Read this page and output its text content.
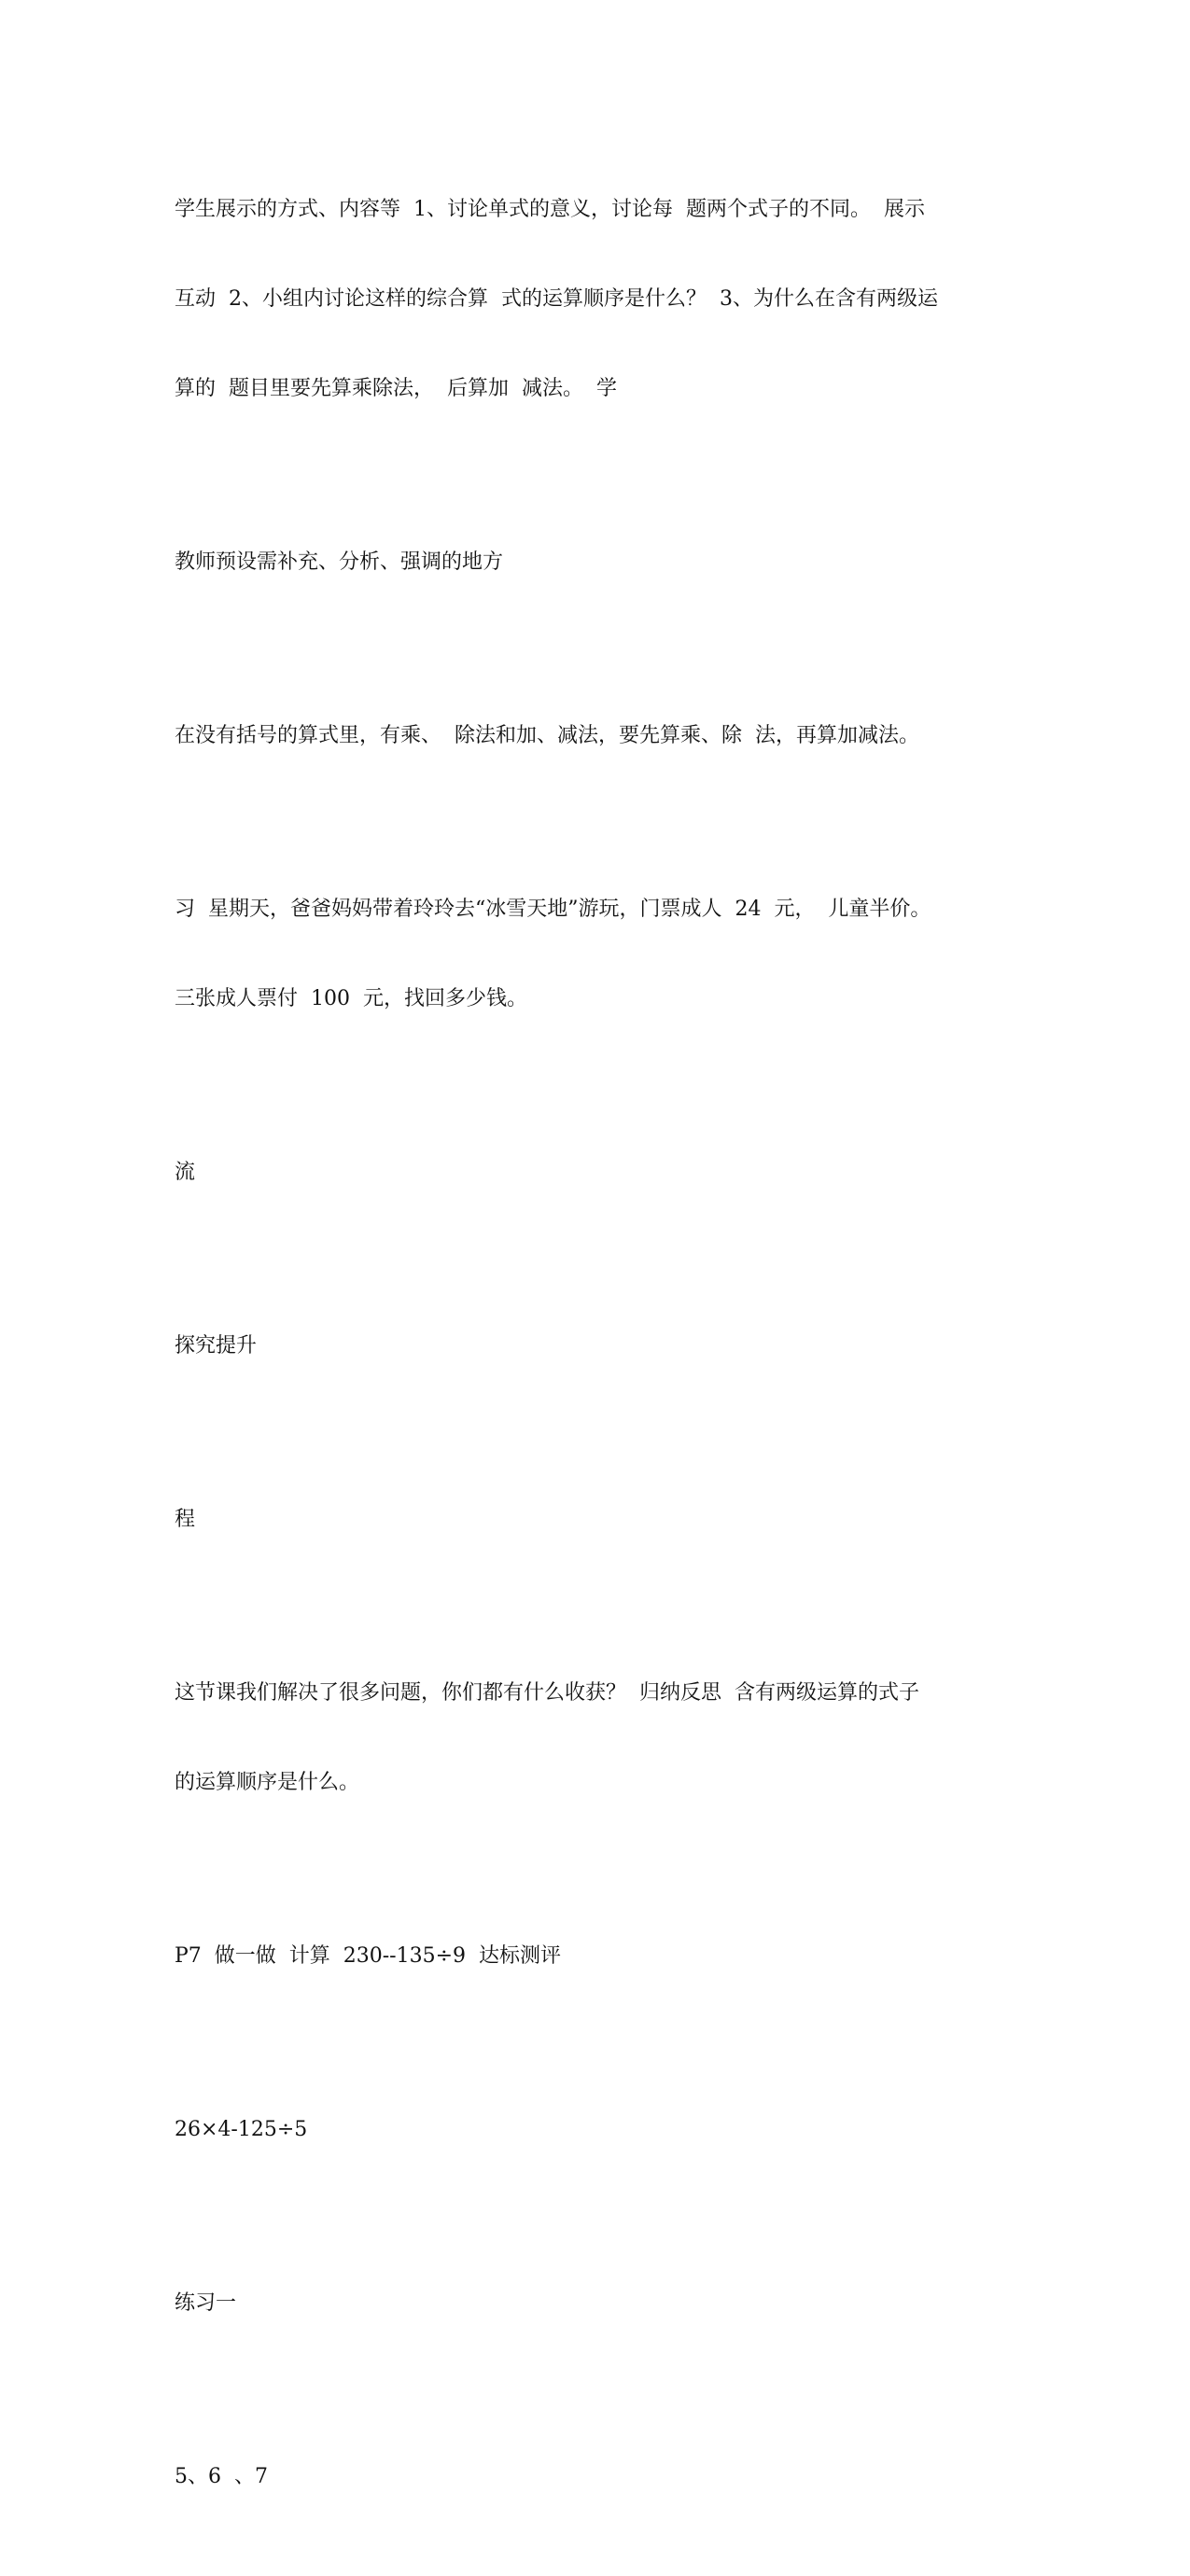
学生展示的方式、内容等  1、讨论单式的意义，讨论每  题两个式子的不同。  展示

互动  2、小组内讨论这样的综合算  式的运算顺序是什么？  3、为什么在含有两级运

算的  题目里要先算乘除法，  后算加  减法。  学

教师预设需补充、分析、强调的地方

在没有括号的算式里，有乘、  除法和加、减法，要先算乘、除  法，再算加减法。

习  星期天，爸爸妈妈带着玲玲去“冰雪天地”游玩，门票成人  24  元，  儿童半价。

三张成人票付  100  元，找回多少钱。

流

探究提升

程

这节课我们解决了很多问题，你们都有什么收获？  归纳反思  含有两级运算的式子

的运算顺序是什么。

P7  做一做  计算  230--135÷9  达标测评

26×4-125÷5

练习一

5、6  、7
